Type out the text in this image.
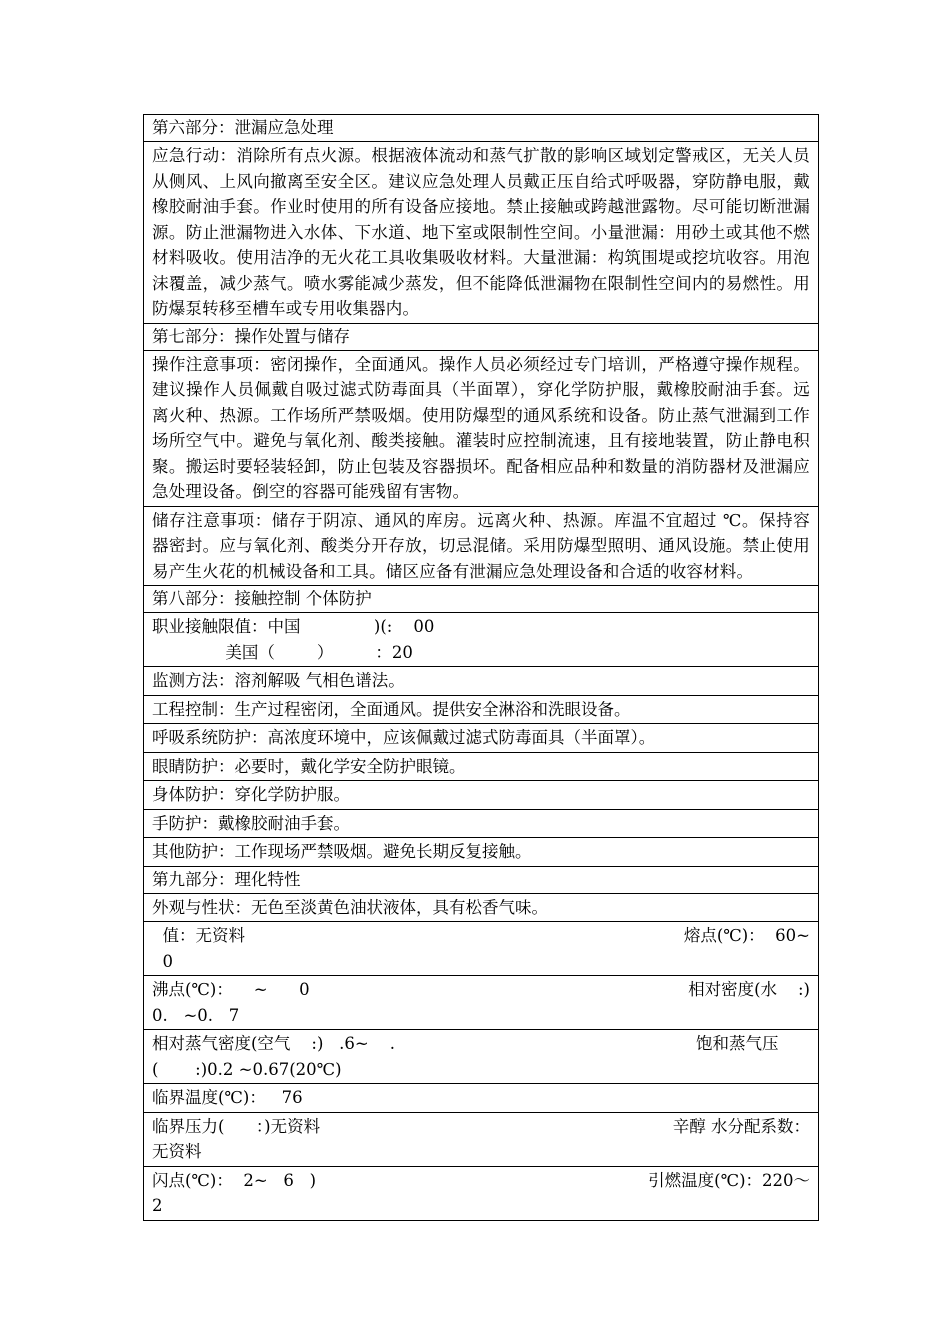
第六部分：泄漏应急处理
应急行动：消除所有点火源。根据液体流动和蒸气扩散的影响区域划定警戒区，无关人员从侧风、上风向撤离至安全区。建议应急处理人员戴正压自给式呼吸器，穿防静电服，戴橡胶耐油手套。作业时使用的所有设备应接地。禁止接触或跨越泄露物。尽可能切断泄漏源。防止泄漏物进入水体、下水道、地下室或限制性空间。小量泄漏：用砂土或其他不燃材料吸收。使用洁净的无火花工具收集吸收材料。大量泄漏：构筑围堤或挖坑收容。用泡沫覆盖，减少蒸气。喷水雾能减少蒸发，但不能降低泄漏物在限制性空间内的易燃性。用防爆泵转移至槽车或专用收集器内。
第七部分：操作处置与储存
操作注意事项：密闭操作，全面通风。操作人员必须经过专门培训，严格遵守操作规程。建议操作人员佩戴自吸过滤式防毒面具（半面罩），穿化学防护服，戴橡胶耐油手套。远离火种、热源。工作场所严禁吸烟。使用防爆型的通风系统和设备。防止蒸气泄漏到工作场所空气中。避免与氧化剂、酸类接触。灌装时应控制流速，且有接地装置，防止静电积聚。搬运时要轻装轻卸，防止包装及容器损坏。配备相应品种和数量的消防器材及泄漏应急处理设备。倒空的容器可能残留有害物。
储存注意事项：储存于阴凉、通风的库房。远离火种、热源。库温不宜超过 ℃。保持容器密封。应与氧化剂、酸类分开存放，切忌混储。采用防爆型照明、通风设施。禁止使用易产生火花的机械设备和工具。储区应备有泄漏应急处理设备和合适的收容材料。
第八部分：接触控制 个体防护
职业接触限值：中国              )(:    00
美国（        ）        ：20
监测方法：溶剂解吸 气相色谱法。
工程控制：生产过程密闭，全面通风。提供安全淋浴和洗眼设备。
呼吸系统防护：高浓度环境中，应该佩戴过滤式防毒面具（半面罩）。
眼睛防护：必要时，戴化学安全防护眼镜。
身体防护：穿化学防护服。
手防护：戴橡胶耐油手套。
其他防护：工作现场严禁吸烟。避免长期反复接触。
第九部分：理化特性
外观与性状：无色至淡黄色油状液体，具有松香气味。
值：无资料	熔点(℃)：  60~
0
沸点(℃)：    ~      0	相对密度(水    :)
0.   ~0.   7
相对蒸气密度(空气    :)   .6~    .	饱和蒸气压
(       :)0.2 ~0.67(20℃)
临界温度(℃)：   76
临界压力(      ：)无资料	辛醇 水分配系数：
无资料
闪点(℃)：  2~   6   )	引燃温度(℃)：220～
2
